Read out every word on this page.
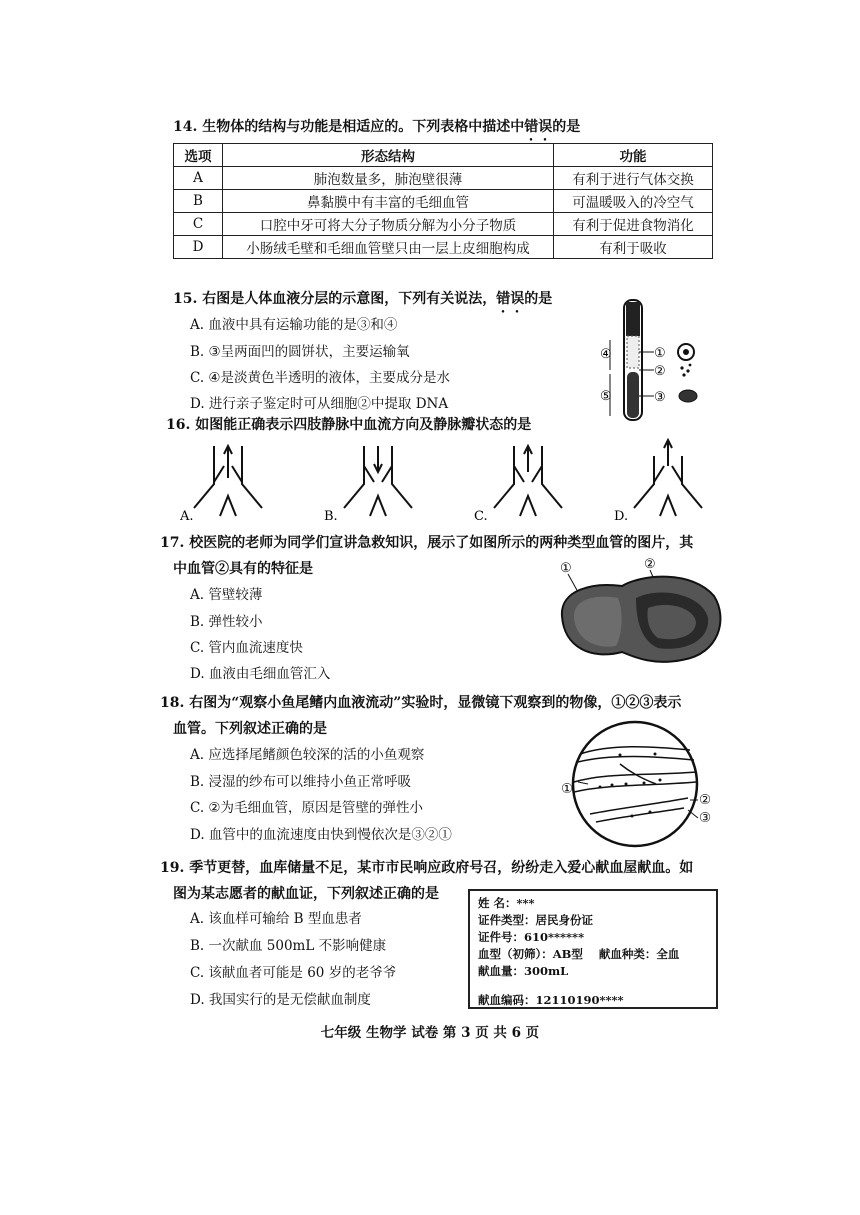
14. 生物体的结构与功能是相适应的。下列表格中描述中错误的是
选项	形态结构	功能
A	肺泡数量多，肺泡壁很薄	有利于进行气体交换
B	鼻黏膜中有丰富的毛细血管	可温暖吸入的冷空气
C	口腔中牙可将大分子物质分解为小分子物质	有利于促进食物消化
D	小肠绒毛壁和毛细血管壁只由一层上皮细胞构成	有利于吸收
15. 右图是人体血液分层的示意图，下列有关说法，错误的是
A. 血液中具有运输功能的是③和④
B. ③呈两面凹的圆饼状，主要运输氧
C. ④是淡黄色半透明的液体，主要成分是水
D. 进行亲子鉴定时可从细胞②中提取 DNA
④
⑤
①
②
③
16. 如图能正确表示四肢静脉中血流方向及静脉瓣状态的是
A.	B.	C.	D.
17. 校医院的老师为同学们宣讲急救知识，展示了如图所示的两种类型血管的图片，其
中血管②具有的特征是
A. 管壁较薄
B. 弹性较小
C. 管内血流速度快
D. 血液由毛细血管汇入
①	②
18. 右图为“观察小鱼尾鳍内血液流动”实验时，显微镜下观察到的物像，①②③表示
血管。下列叙述正确的是
A. 应选择尾鳍颜色较深的活的小鱼观察
B. 浸湿的纱布可以维持小鱼正常呼吸
C. ②为毛细血管，原因是管壁的弹性小
D. 血管中的血流速度由快到慢依次是③②①
①
②
③
19. 季节更替，血库储量不足，某市市民响应政府号召，纷纷走入爱心献血屋献血。如
图为某志愿者的献血证，下列叙述正确的是
A. 该血样可输给 B 型血患者
B. 一次献血 500mL 不影响健康
C. 该献血者可能是 60 岁的老爷爷
D. 我国实行的是无偿献血制度
姓 名：***
证件类型：居民身份证
证件号：610******
血型（初筛）：AB型 献血种类：全血
献血量：300mL
献血编码：12110190****
七年级 生物学 试卷 第 3 页 共 6 页
